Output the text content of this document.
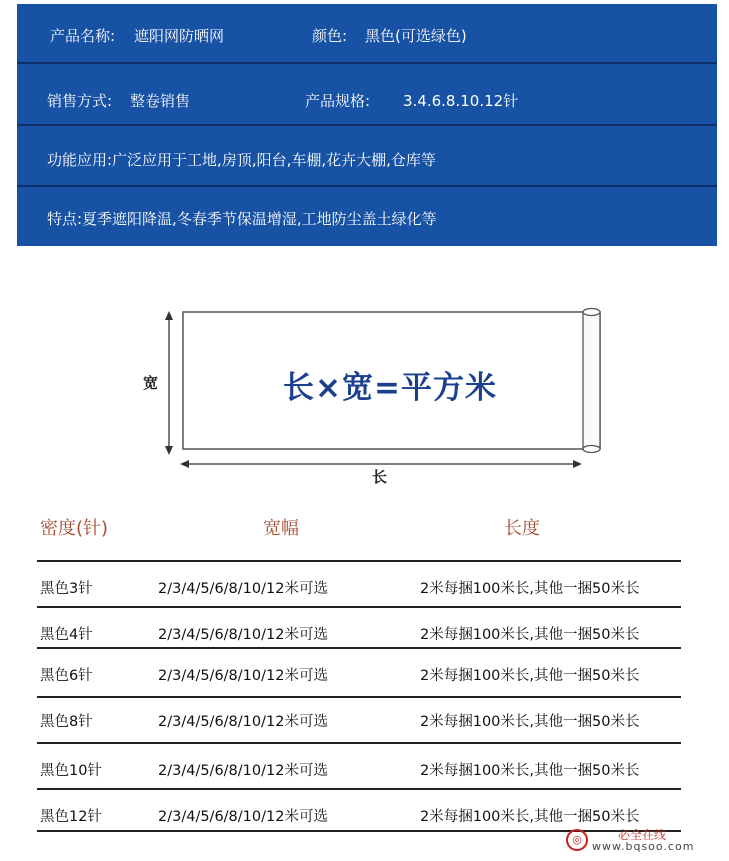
产品名称: 遮阳网防晒网	颜色: 黑色(可选绿色)
销售方式: 整卷销售	产品规格: 3.4.6.8.10.12针
功能应用:广泛应用于工地,房顶,阳台,车棚,花卉大棚,仓库等
特点:夏季遮阳降温,冬春季节保温增湿,工地防尘盖土绿化等
长×宽=平方米
宽
长
密度(针)	宽幅	长度
黑色3针	2/3/4/5/6/8/10/12米可选	2米每捆100米长,其他一捆50米长
黑色4针	2/3/4/5/6/8/10/12米可选	2米每捆100米长,其他一捆50米长
黑色6针	2/3/4/5/6/8/10/12米可选	2米每捆100米长,其他一捆50米长
黑色8针	2/3/4/5/6/8/10/12米可选	2米每捆100米长,其他一捆50米长
黑色10针	2/3/4/5/6/8/10/12米可选	2米每捆100米长,其他一捆50米长
黑色12针	2/3/4/5/6/8/10/12米可选	2米每捆100米长,其他一捆50米长
◎	必全在线
www.bqsoo.com
